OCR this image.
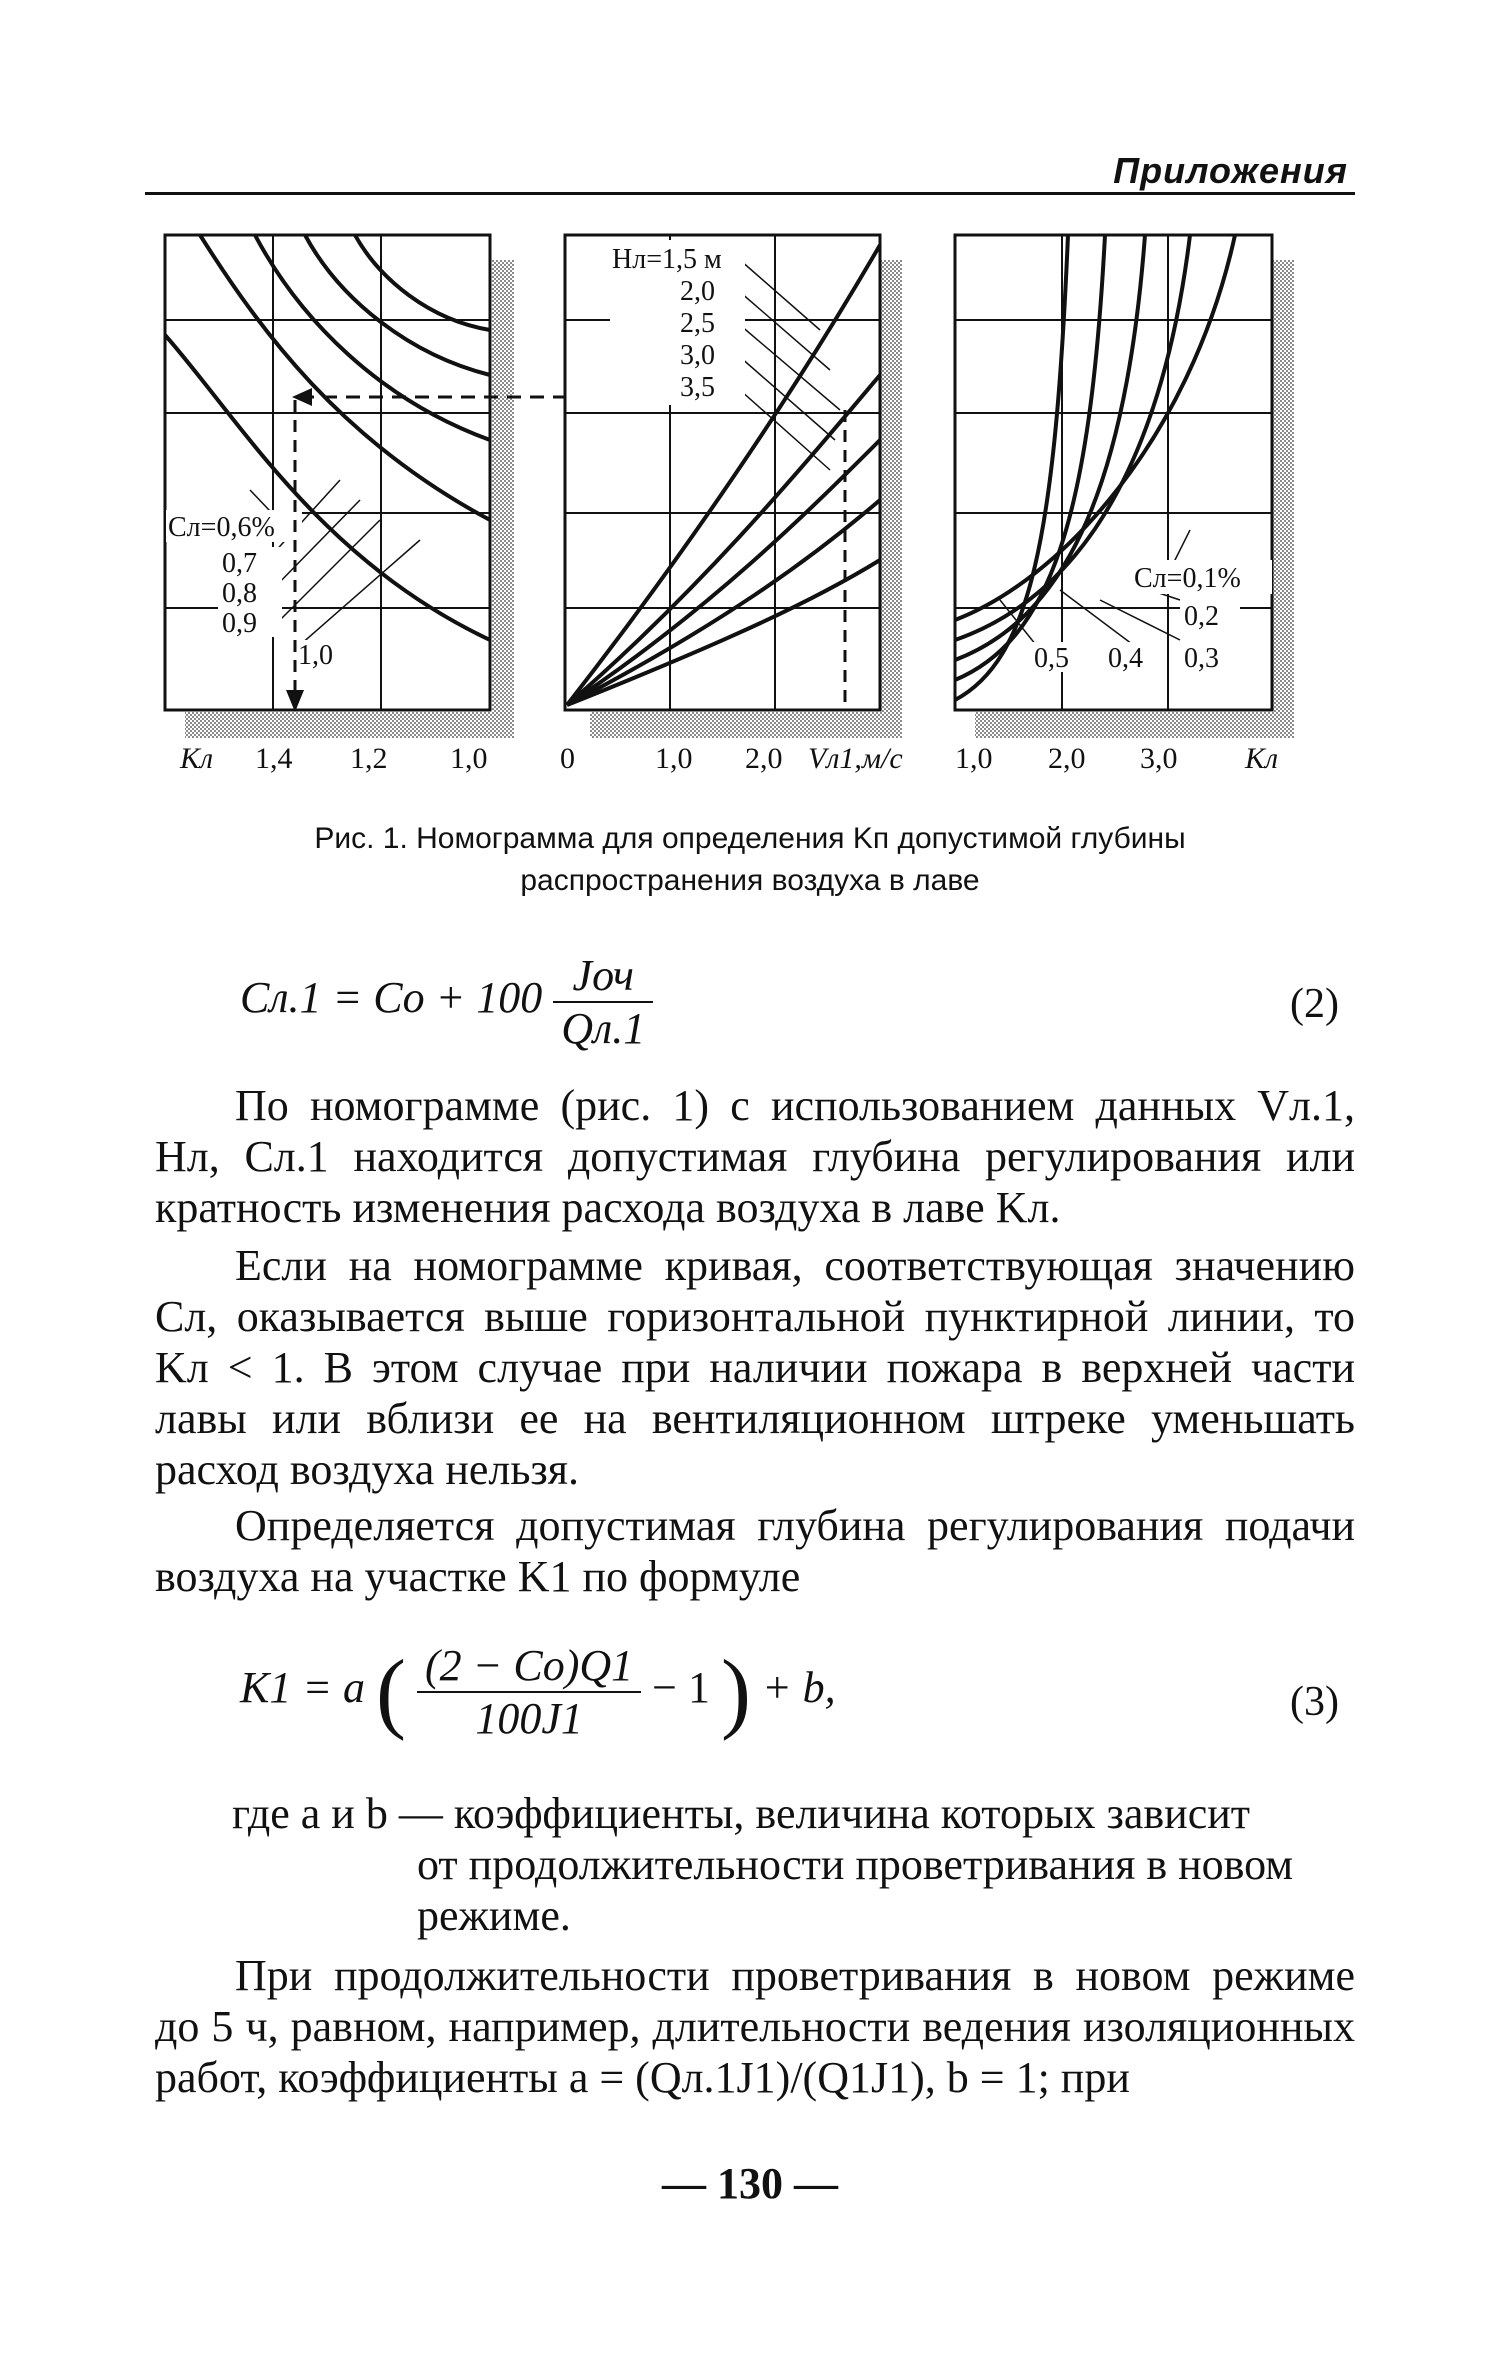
Приложения
Cл=0,6%
0,7
0,8
0,9
1,0
Hл=1,5 м
2,0
2,5
3,0
3,5
Cл=0,1%
0,2
0,3
0,4
0,5
Kл 1,4 1,2 1,0 0	1,0 2,0 Vл1,м/с 1,0 2,0 3,0 Kл
Рис. 1. Номограмма для определения Kп допустимой глубины
распространения воздуха в лаве
$Cл.1 = Co + 100 \frac{\text{Jоч}}{Qл.1}$	(2)
По номограмме (рис. 1) с использованием данных Vл.1, Hл, Cл.1 находится допустимая глубина регулирования или кратность изменения расхода воздуха в лаве Kл.
Если на номограмме кривая, соответствующая значению Cл, оказывается выше горизонтальной пунктирной линии, то Kл < 1. В этом случае при наличии пожара в верхней части лавы или вблизи ее на вентиляционном штреке уменьшать расход воздуха нельзя.
Определяется допустимая глубина регулирования подачи воздуха на участке K1 по формуле
K1 = a ( $\frac{(2 - Co)Q1}{100J1} - 1$ ) + b,	(3)
где a и b — коэффициенты, величина которых зависит
от продолжительности проветривания в новом режиме.
При продолжительности проветривания в новом режиме до 5 ч, равном, например, длительности ведения изоляционных работ, коэффициенты a = (Qл.1J1)/(Q1J1), b = 1; при
— 130 —
